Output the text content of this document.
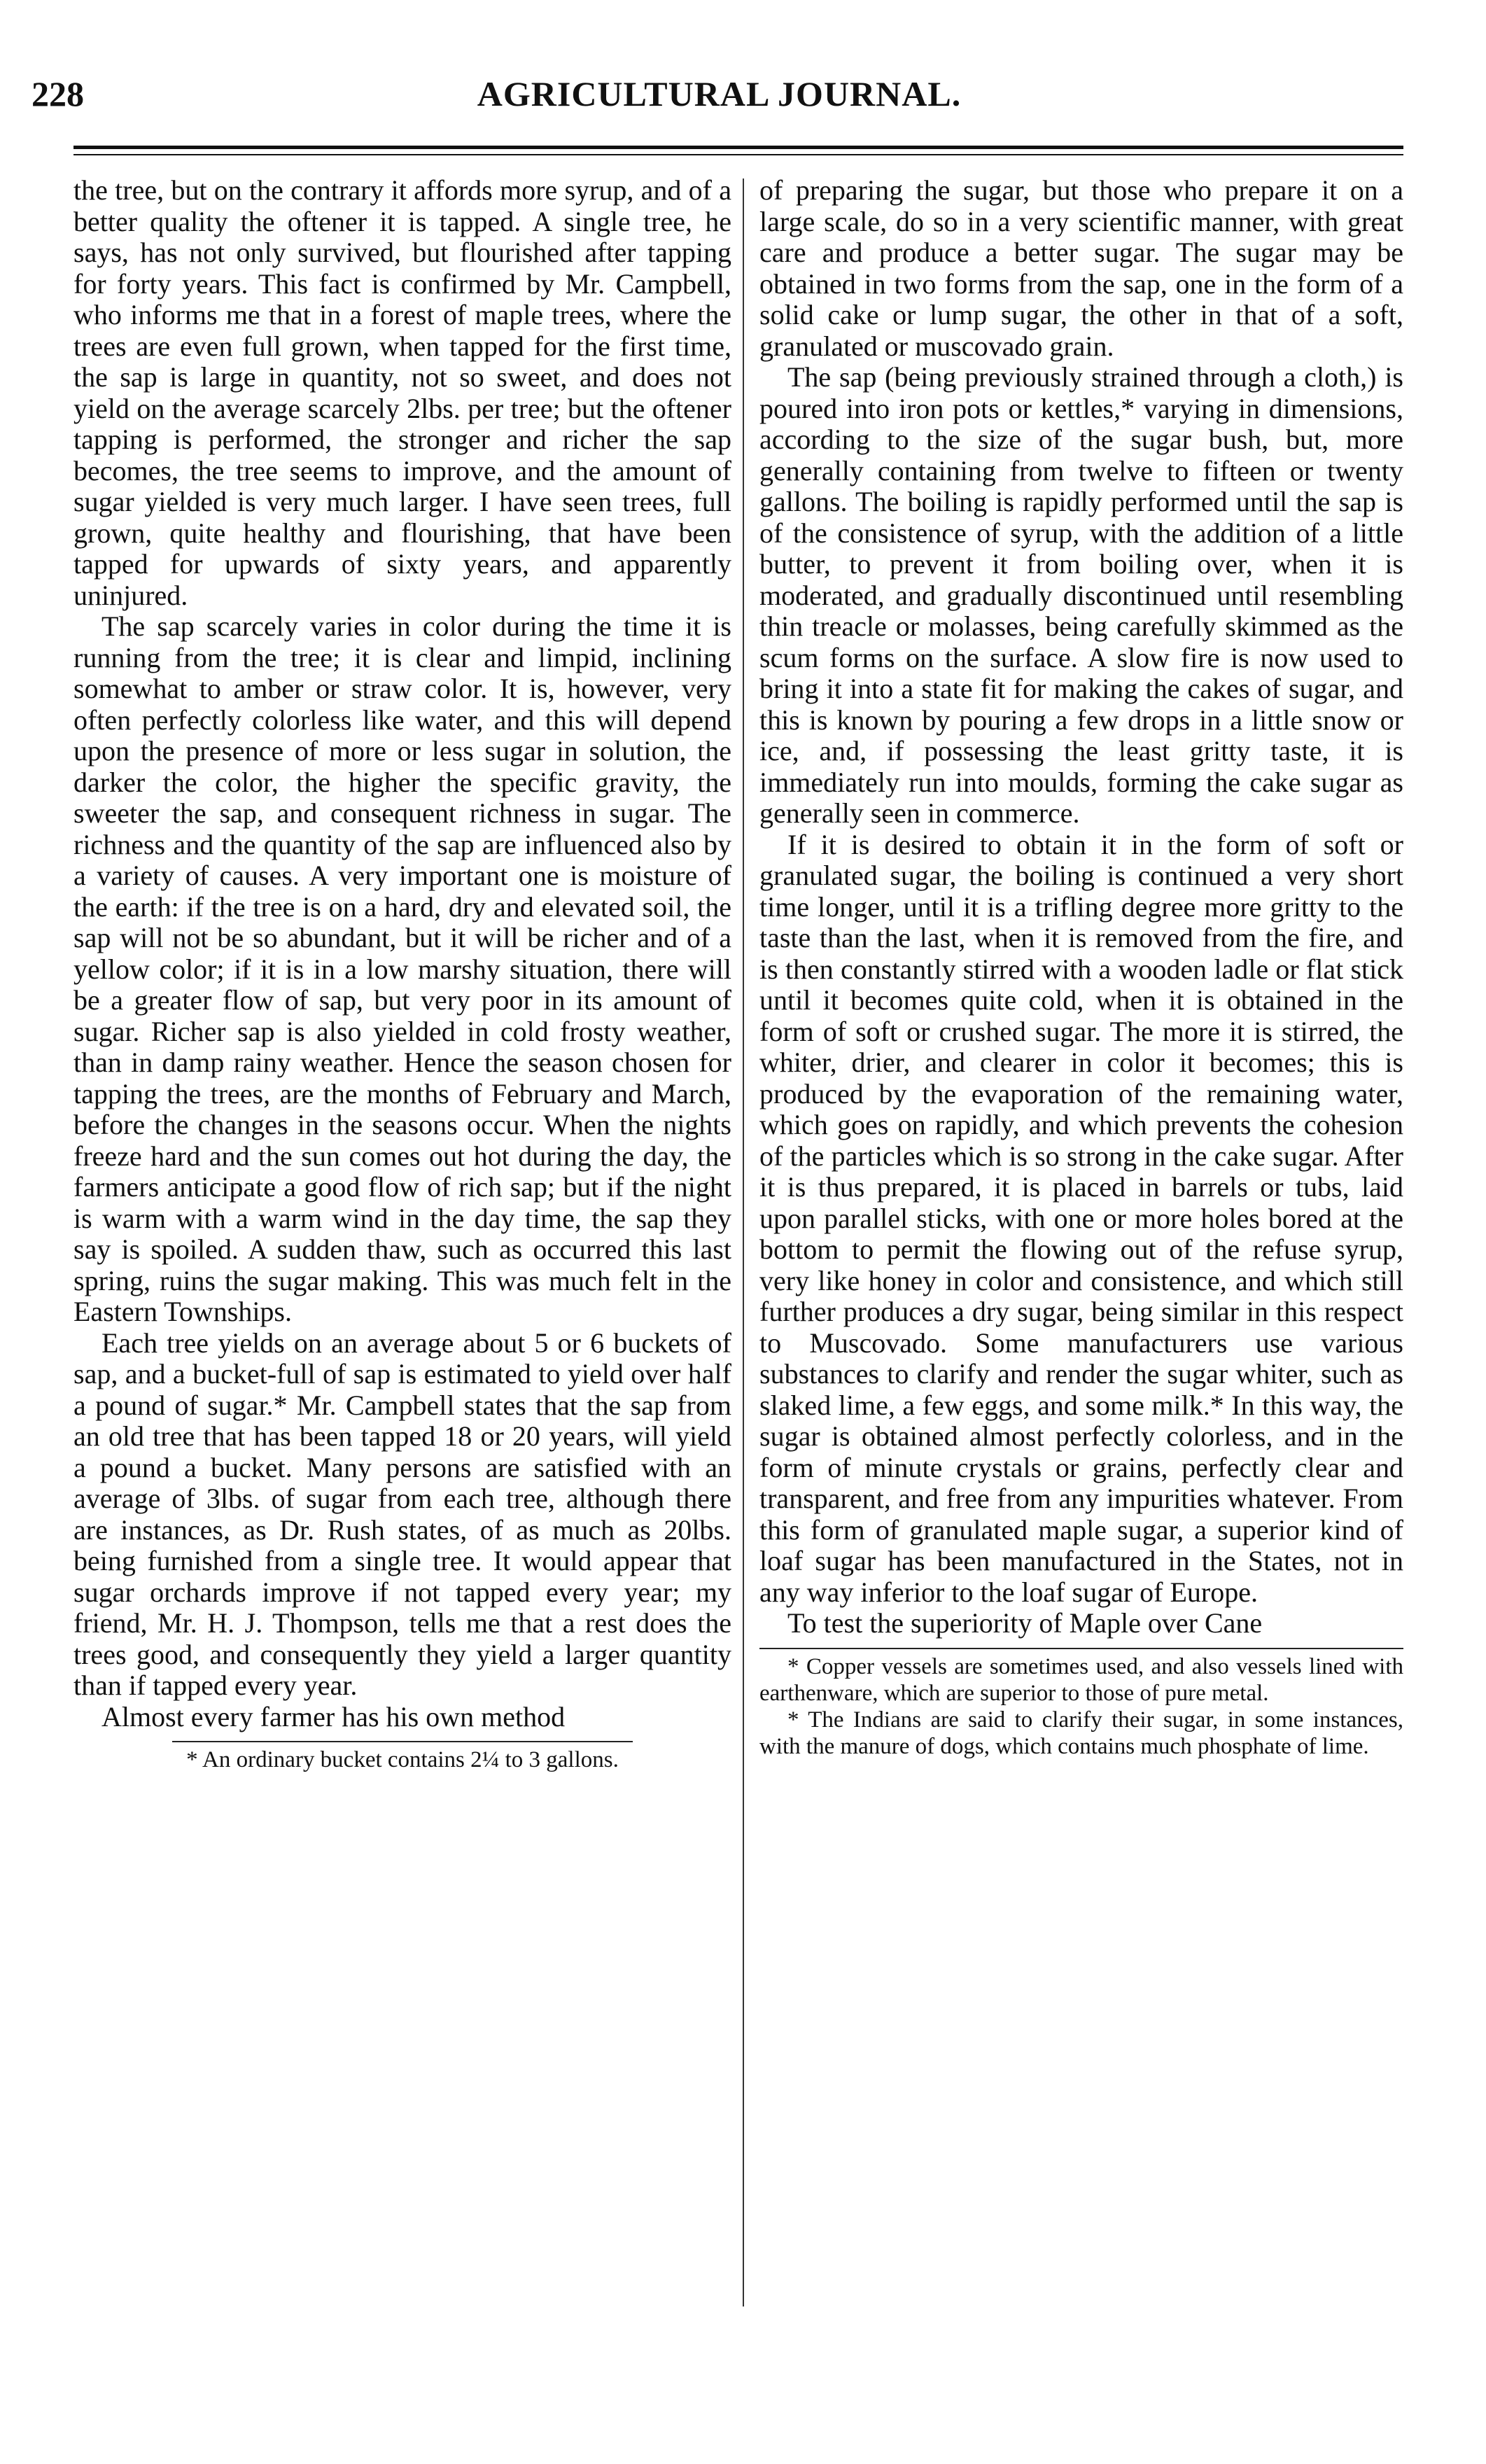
228	AGRICULTURAL JOURNAL.

the tree, but on the contrary it affords more syrup, and of a better quality the oftener it is tapped. A single tree, he says, has not only survived, but flourished after tapping for forty years. This fact is confirmed by Mr. Campbell, who informs me that in a forest of maple trees, where the trees are even full grown, when tapped for the first time, the sap is large in quantity, not so sweet, and does not yield on the average scarcely 2lbs. per tree; but the oftener tapping is performed, the stronger and richer the sap becomes, the tree seems to improve, and the amount of sugar yielded is very much larger. I have seen trees, full grown, quite healthy and flourishing, that have been tapped for upwards of sixty years, and apparently uninjured.

The sap scarcely varies in color during the time it is running from the tree; it is clear and limpid, inclining somewhat to amber or straw color. It is, however, very often perfectly colorless like water, and this will depend upon the presence of more or less sugar in solution, the darker the color, the higher the specific gravity, the sweeter the sap, and consequent richness in sugar. The richness and the quantity of the sap are influenced also by a variety of causes. A very important one is moisture of the earth: if the tree is on a hard, dry and elevated soil, the sap will not be so abundant, but it will be richer and of a yellow color; if it is in a low marshy situation, there will be a greater flow of sap, but very poor in its amount of sugar. Richer sap is also yielded in cold frosty weather, than in damp rainy weather. Hence the season chosen for tapping the trees, are the months of February and March, before the changes in the seasons occur. When the nights freeze hard and the sun comes out hot during the day, the farmers anticipate a good flow of rich sap; but if the night is warm with a warm wind in the day time, the sap they say is spoiled. A sudden thaw, such as occurred this last spring, ruins the sugar making. This was much felt in the Eastern Townships.

Each tree yields on an average about 5 or 6 buckets of sap, and a bucket-full of sap is estimated to yield over half a pound of sugar.* Mr. Campbell states that the sap from an old tree that has been tapped 18 or 20 years, will yield a pound a bucket. Many persons are satisfied with an average of 3lbs. of sugar from each tree, although there are instances, as Dr. Rush states, of as much as 20lbs. being furnished from a single tree. It would appear that sugar orchards improve if not tapped every year; my friend, Mr. H. J. Thompson, tells me that a rest does the trees good, and consequently they yield a larger quantity than if tapped every year.

Almost every farmer has his own method

* An ordinary bucket contains 2¼ to 3 gallons.

of preparing the sugar, but those who prepare it on a large scale, do so in a very scientific manner, with great care and produce a better sugar. The sugar may be obtained in two forms from the sap, one in the form of a solid cake or lump sugar, the other in that of a soft, granulated or muscovado grain.

The sap (being previously strained through a cloth,) is poured into iron pots or kettles,* varying in dimensions, according to the size of the sugar bush, but, more generally containing from twelve to fifteen or twenty gallons. The boiling is rapidly performed until the sap is of the consistence of syrup, with the addition of a little butter, to prevent it from boiling over, when it is moderated, and gradually discontinued until resembling thin treacle or molasses, being carefully skimmed as the scum forms on the surface. A slow fire is now used to bring it into a state fit for making the cakes of sugar, and this is known by pouring a few drops in a little snow or ice, and, if possessing the least gritty taste, it is immediately run into moulds, forming the cake sugar as generally seen in commerce.

If it is desired to obtain it in the form of soft or granulated sugar, the boiling is continued a very short time longer, until it is a trifling degree more gritty to the taste than the last, when it is removed from the fire, and is then constantly stirred with a wooden ladle or flat stick until it becomes quite cold, when it is obtained in the form of soft or crushed sugar. The more it is stirred, the whiter, drier, and clearer in color it becomes; this is produced by the evaporation of the remaining water, which goes on rapidly, and which prevents the cohesion of the particles which is so strong in the cake sugar. After it is thus prepared, it is placed in barrels or tubs, laid upon parallel sticks, with one or more holes bored at the bottom to permit the flowing out of the refuse syrup, very like honey in color and consistence, and which still further produces a dry sugar, being similar in this respect to Muscovado. Some manufacturers use various substances to clarify and render the sugar whiter, such as slaked lime, a few eggs, and some milk.* In this way, the sugar is obtained almost perfectly colorless, and in the form of minute crystals or grains, perfectly clear and transparent, and free from any impurities whatever. From this form of granulated maple sugar, a superior kind of loaf sugar has been manufactured in the States, not in any way inferior to the loaf sugar of Europe.

To test the superiority of Maple over Cane

* Copper vessels are sometimes used, and also vessels lined with earthenware, which are superior to those of pure metal.

* The Indians are said to clarify their sugar, in some instances, with the manure of dogs, which contains much phosphate of lime.
